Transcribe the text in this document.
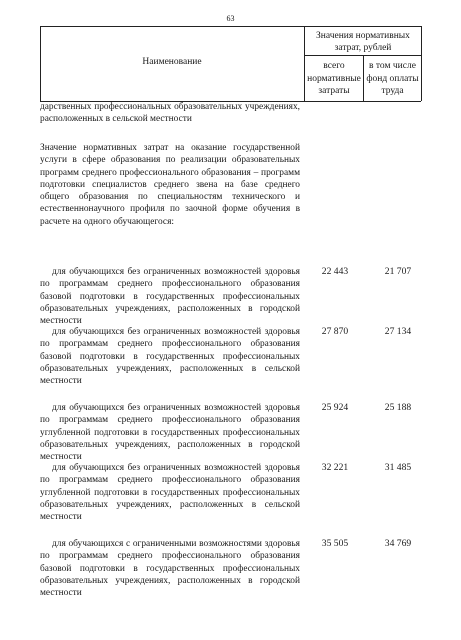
63
Наименование
Значения нормативных затрат, рублей
всего нормативные затраты
в том числе фонд оплаты труда
дарственных профессиональных образовательных учреждениях, расположенных в сельской местности
Значение нормативных затрат на оказание государственной услуги в сфере образования по реализации образовательных программ среднего профессионального образования – программ подготовки специалистов среднего звена на базе среднего общего образования по специальностям технического и естественнонаучного профиля по заочной форме обучения в расчете на одного обучающегося:
для обучающихся без ограниченных возможностей здоровья по программам среднего профессионального образования базовой подготовки в государственных профессиональных образовательных учреждениях, расположенных в городской местности
22 443	21 707
для обучающихся без ограниченных возможностей здоровья по программам среднего профессионального образования базовой подготовки в государственных профессиональных образовательных учреждениях, расположенных в сельской местности
27 870	27 134
для обучающихся без ограниченных возможностей здоровья по программам среднего профессионального образования углубленной подготовки в государственных профессиональных образовательных учреждениях, расположенных в городской местности
25 924	25 188
для обучающихся без ограниченных возможностей здоровья по программам среднего профессионального образования углубленной подготовки в государственных профессиональных образовательных учреждениях, расположенных в сельской местности
32 221	31 485
для обучающихся с ограниченными возможностями здоровья по программам среднего профессионального образования базовой подготовки в государственных профессиональных образовательных учреждениях, расположенных в городской местности
35 505	34 769
